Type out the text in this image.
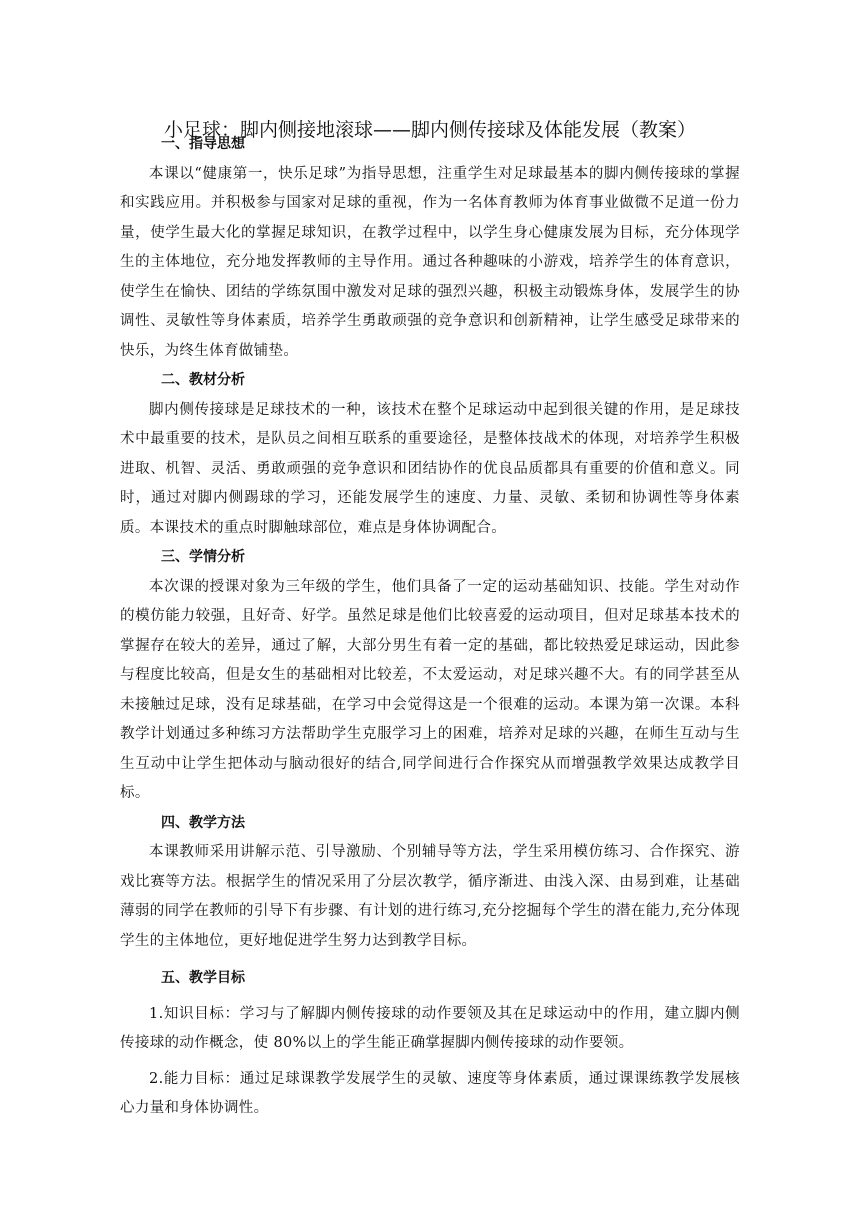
小足球：脚内侧接地滚球——脚内侧传接球及体能发展（教案）
一、指导思想

本课以“健康第一，快乐足球”为指导思想，注重学生对足球最基本的脚内侧传接球的掌握和实践应用。并积极参与国家对足球的重视，作为一名体育教师为体育事业做微不足道一份力量，使学生最大化的掌握足球知识，在教学过程中，以学生身心健康发展为目标，充分体现学生的主体地位，充分地发挥教师的主导作用。通过各种趣味的小游戏，培养学生的体育意识，使学生在愉快、团结的学练氛围中激发对足球的强烈兴趣，积极主动锻炼身体，发展学生的协调性、灵敏性等身体素质，培养学生勇敢顽强的竞争意识和创新精神，让学生感受足球带来的快乐，为终生体育做铺垫。

二、教材分析

脚内侧传接球是足球技术的一种，该技术在整个足球运动中起到很关键的作用，是足球技术中最重要的技术，是队员之间相互联系的重要途径，是整体技战术的体现，对培养学生积极进取、机智、灵活、勇敢顽强的竞争意识和团结协作的优良品质都具有重要的价值和意义。同时，通过对脚内侧踢球的学习，还能发展学生的速度、力量、灵敏、柔韧和协调性等身体素质。本课技术的重点时脚触球部位，难点是身体协调配合。

三、学情分析

本次课的授课对象为三年级的学生，他们具备了一定的运动基础知识、技能。学生对动作的模仿能力较强，且好奇、好学。虽然足球是他们比较喜爱的运动项目，但对足球基本技术的掌握存在较大的差异，通过了解，大部分男生有着一定的基础，都比较热爱足球运动，因此参与程度比较高，但是女生的基础相对比较差，不太爱运动，对足球兴趣不大。有的同学甚至从未接触过足球，没有足球基础，在学习中会觉得这是一个很难的运动。本课为第一次课。本科教学计划通过多种练习方法帮助学生克服学习上的困难，培养对足球的兴趣，在师生互动与生生互动中让学生把体动与脑动很好的结合,同学间进行合作探究从而增强教学效果达成教学目标。

四、教学方法

本课教师采用讲解示范、引导激励、个别辅导等方法，学生采用模仿练习、合作探究、游戏比赛等方法。根据学生的情况采用了分层次教学，循序渐进、由浅入深、由易到难，让基础薄弱的同学在教师的引导下有步骤、有计划的进行练习,充分挖掘每个学生的潜在能力,充分体现学生的主体地位，更好地促进学生努力达到教学目标。

五、教学目标

1.知识目标：学习与了解脚内侧传接球的动作要领及其在足球运动中的作用，建立脚内侧传接球的动作概念，使 80%以上的学生能正确掌握脚内侧传接球的动作要领。

2.能力目标：通过足球课教学发展学生的灵敏、速度等身体素质，通过课课练教学发展核心力量和身体协调性。
